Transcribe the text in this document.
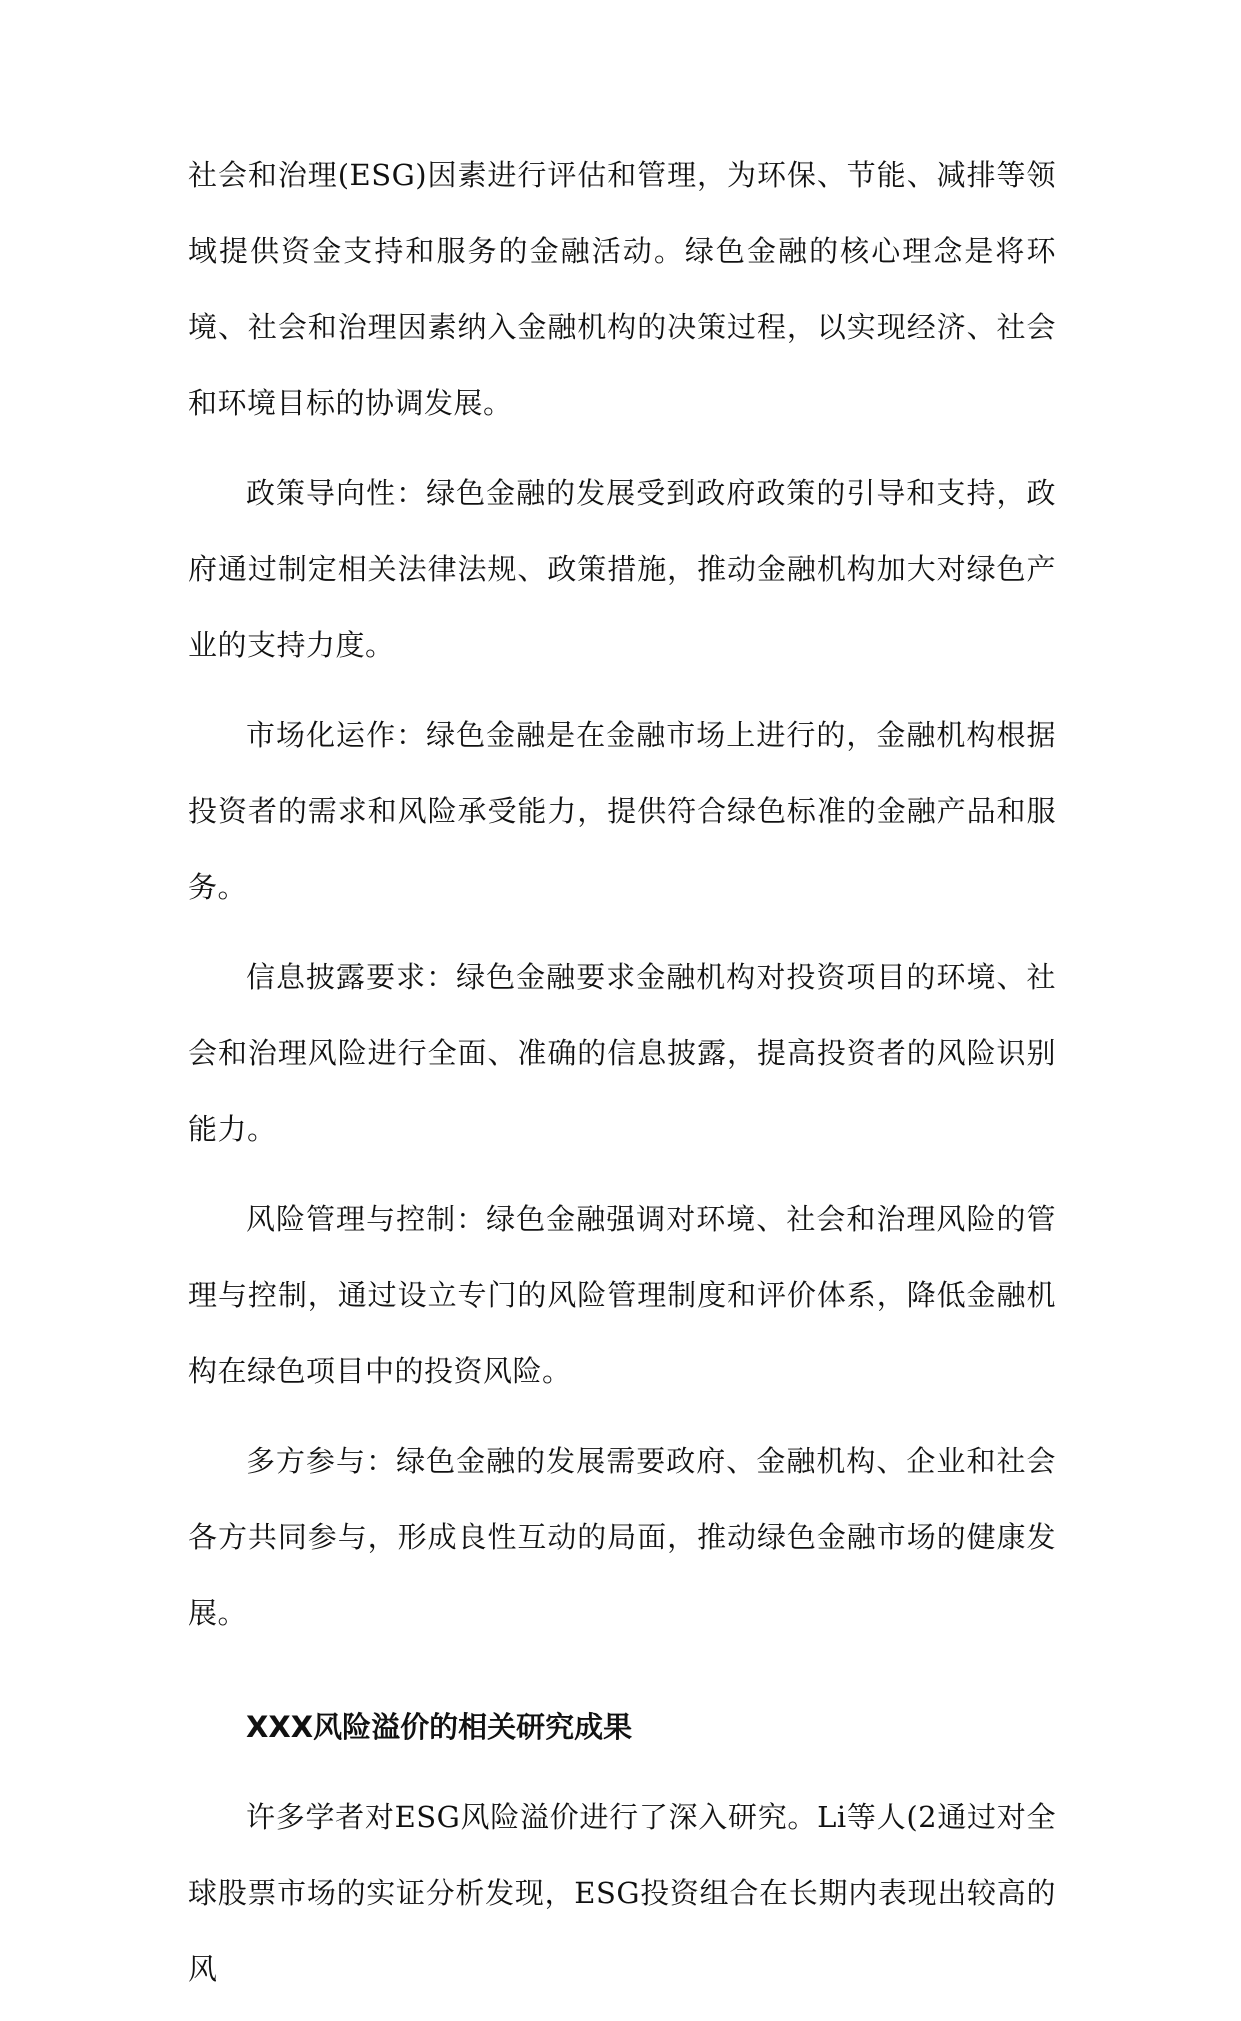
社会和治理(ESG)因素进行评估和管理，为环保、节能、减排等领域提供资金支持和服务的金融活动。绿色金融的核心理念是将环境、社会和治理因素纳入金融机构的决策过程，以实现经济、社会和环境目标的协调发展。

政策导向性：绿色金融的发展受到政府政策的引导和支持，政府通过制定相关法律法规、政策措施，推动金融机构加大对绿色产业的支持力度。

市场化运作：绿色金融是在金融市场上进行的，金融机构根据投资者的需求和风险承受能力，提供符合绿色标准的金融产品和服务。

信息披露要求：绿色金融要求金融机构对投资项目的环境、社会和治理风险进行全面、准确的信息披露，提高投资者的风险识别能力。

风险管理与控制：绿色金融强调对环境、社会和治理风险的管理与控制，通过设立专门的风险管理制度和评价体系，降低金融机构在绿色项目中的投资风险。

多方参与：绿色金融的发展需要政府、金融机构、企业和社会各方共同参与，形成良性互动的局面，推动绿色金融市场的健康发展。

XXX风险溢价的相关研究成果

许多学者对ESG风险溢价进行了深入研究。Li等人(2通过对全球股票市场的实证分析发现，ESG投资组合在长期内表现出较高的风
